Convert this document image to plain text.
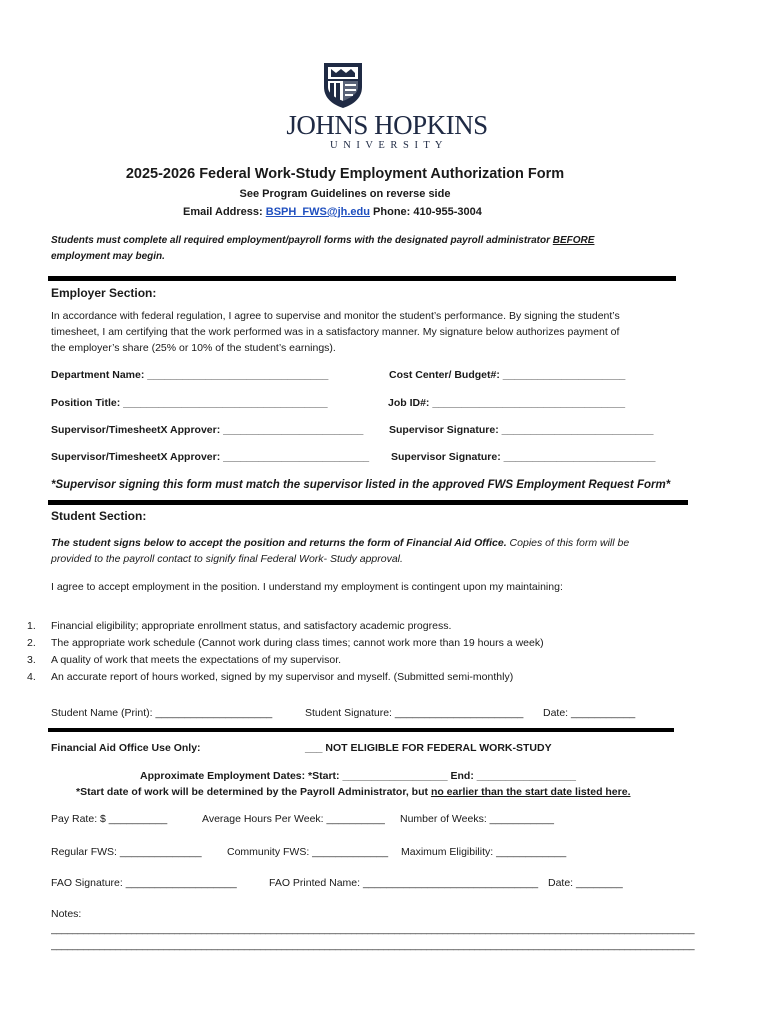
JOHNS HOPKINS
U N I V E R S I T Y
2025-2026 Federal Work-Study Employment Authorization Form
See Program Guidelines on reverse side
Email Address: BSPH_FWS@jh.edu Phone: 410-955-3004
Students must complete all required employment/payroll forms with the designated payroll administrator BEFORE
employment may begin.
Employer Section:
In accordance with federal regulation, I agree to supervise and monitor the student’s performance. By signing the student’s
timesheet, I am certifying that the work performed was in a satisfactory manner. My signature below authorizes payment of
the employer’s share (25% or 10% of the student’s earnings).
Department Name: _______________________________	Cost Center/ Budget#: _____________________
Position Title: ___________________________________	Job ID#: _________________________________
Supervisor/TimesheetX Approver: ________________________ Supervisor Signature: __________________________
Supervisor/TimesheetX Approver: _________________________ Supervisor Signature: __________________________
*Supervisor signing this form must match the supervisor listed in the approved FWS Employment Request Form*
Student Section:
The student signs below to accept the position and returns the form of Financial Aid Office. Copies of this form will be
provided to the payroll contact to signify final Federal Work- Study approval.
I agree to accept employment in the position. I understand my employment is contingent upon my maintaining:
1. Financial eligibility; appropriate enrollment status, and satisfactory academic progress.
2. The appropriate work schedule (Cannot work during class times; cannot work more than 19 hours a week)
3. A quality of work that meets the expectations of my supervisor.
4. An accurate report of hours worked, signed by my supervisor and myself. (Submitted semi-monthly)
Student Name (Print): ____________________	Student Signature: ______________________ Date: ___________
Financial Aid Office Use Only:	___ NOT ELIGIBLE FOR FEDERAL WORK-STUDY
Approximate Employment Dates: *Start: __________________ End: _________________
*Start date of work will be determined by the Payroll Administrator, but no earlier than the start date listed here.
Pay Rate: $ __________	Average Hours Per Week: __________ Number of Weeks: ___________
Regular FWS: ______________ Community FWS: _____________ Maximum Eligibility: ____________
FAO Signature: ___________________	FAO Printed Name: ______________________________ Date: ________
Notes:
________________________________________________________________________________________________________________________
________________________________________________________________________________________________________________________
